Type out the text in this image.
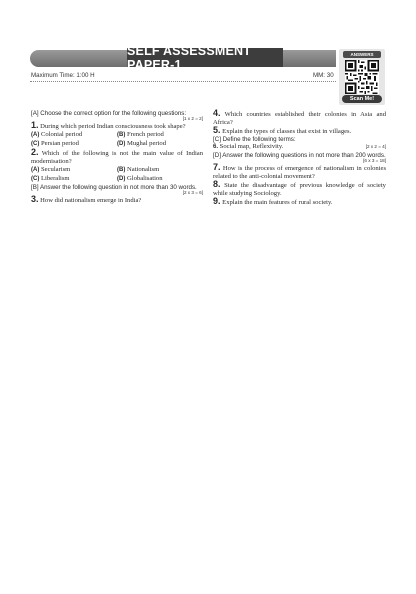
SELF ASSESSMENT PAPER-1
ANSWERS
Scan Me!
Maximum Time: 1:00 H	MM: 30
[A] Choose the correct option for the following questions:
[1 x 2 = 2]
1. During which period Indian consciousness took shape?
(A) Colonial period	(B) French period
(C) Persian period	(D) Mughal period
2. Which of the following is not the main value of Indian modernisation?
(A) Secularism	(B) Nationalism
(C) Liberalism	(D) Globalisation
[B] Answer the following question in not more than 30 words.
[2 x 3 = 6]
3. How did nationalism emerge in India?
4. Which countries established their colonies in Asia and Africa?
5. Explain the types of classes that exist in villages.
[C] Define the following terms:
6. Social map, Reflexivity.	[2 x 2 = 4]
[D] Answer the following questions in not more than 200 words.
[6 x 3 = 18]
7. How is the process of emergence of nationalism in colonies related to the anti-colonial movement?
8. State the disadvantage of previous knowledge of society while studying Sociology.
9. Explain the main features of rural society.
